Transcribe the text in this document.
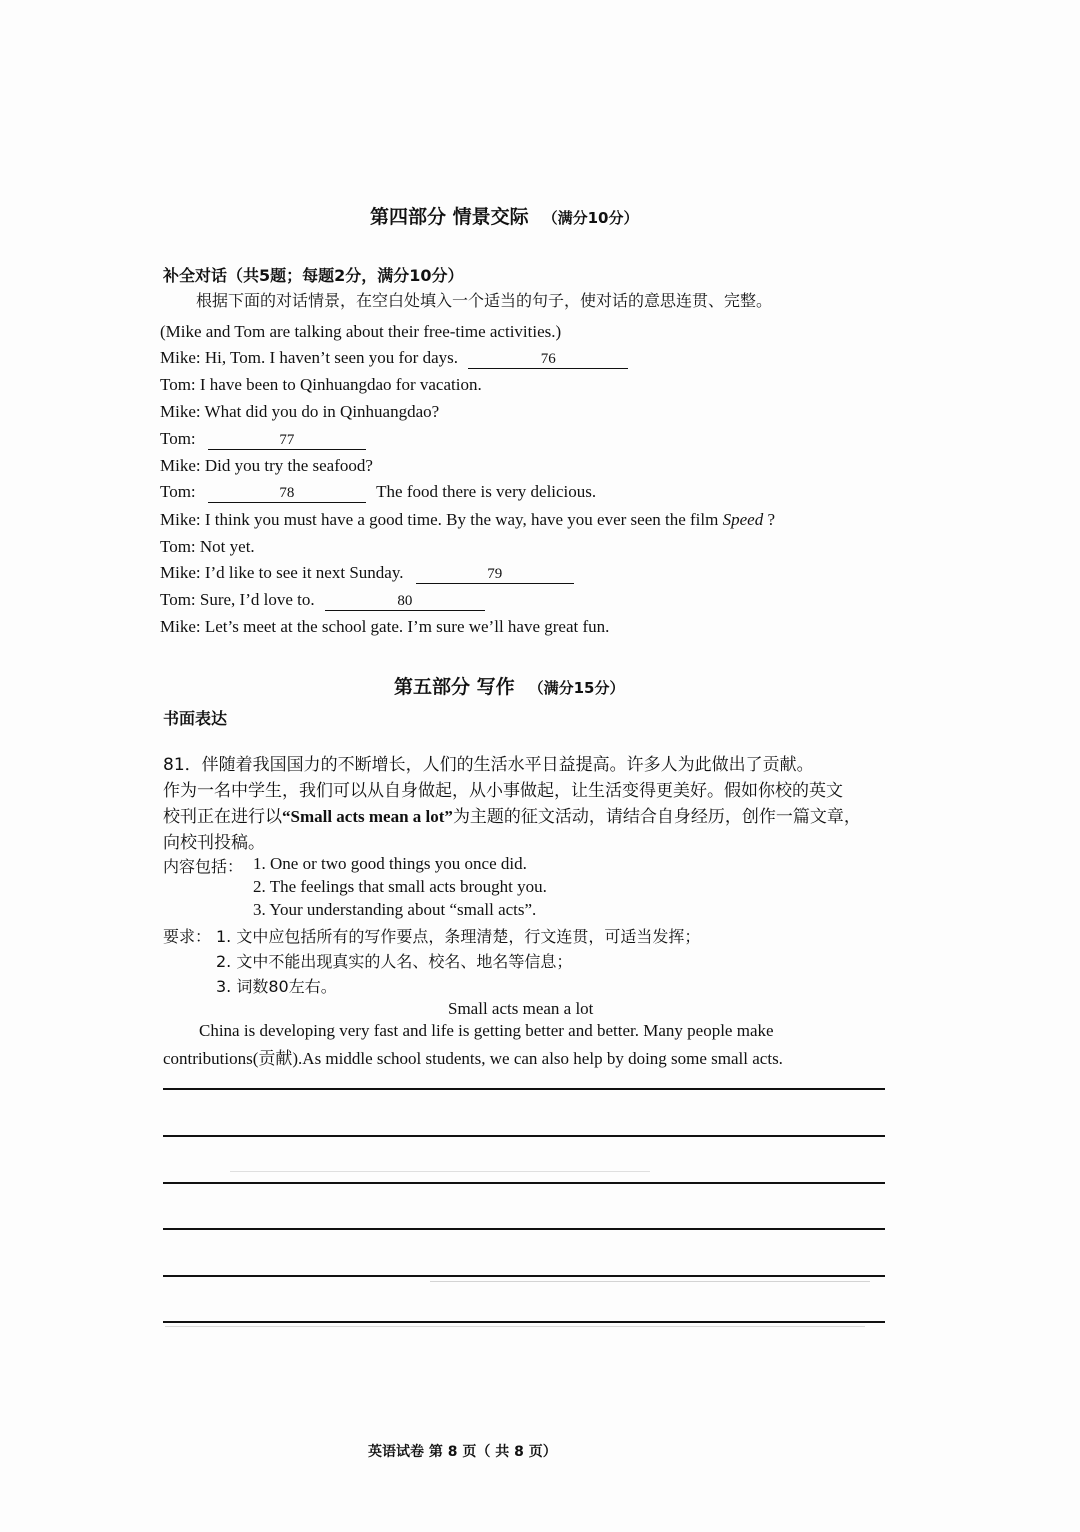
第四部分 情景交际 （满分10分）
补全对话（共5题；每题2分，满分10分）
根据下面的对话情景，在空白处填入一个适当的句子，使对话的意思连贯、完整。
(Mike and Tom are talking about their free-time activities.)
Mike: Hi, Tom. I haven’t seen you for days.	76
Tom: I have been to Qinhuangdao for vacation.
Mike: What did you do in Qinhuangdao?
Tom:	77
Mike: Did you try the seafood?
Tom:	78	The food there is very delicious.
Mike: I think you must have a good time. By the way, have you ever seen the film Speed ?
Tom: Not yet.
Mike: I’d like to see it next Sunday.	79
Tom: Sure, I’d love to.	80
Mike: Let’s meet at the school gate. I’m sure we’ll have great fun.
第五部分 写作 （满分15分）
书面表达
81．伴随着我国国力的不断增长，人们的生活水平日益提高。许多人为此做出了贡献。
作为一名中学生，我们可以从自身做起，从小事做起，让生活变得更美好。假如你校的英文
校刊正在进行以“Small acts mean a lot”为主题的征文活动，请结合自身经历，创作一篇文章，
向校刊投稿。
内容包括： 1. One or two good things you once did.
2. The feelings that small acts brought you.
3. Your understanding about “small acts”.
要求： 1. 文中应包括所有的写作要点，条理清楚，行文连贯，可适当发挥；
2. 文中不能出现真实的人名、校名、地名等信息；
3. 词数80左右。
Small acts mean a lot
China is developing very fast and life is getting better and better. Many people make
contributions(贡献).As middle school students, we can also help by doing some small acts.
英语试卷 第 8 页（ 共 8 页）
